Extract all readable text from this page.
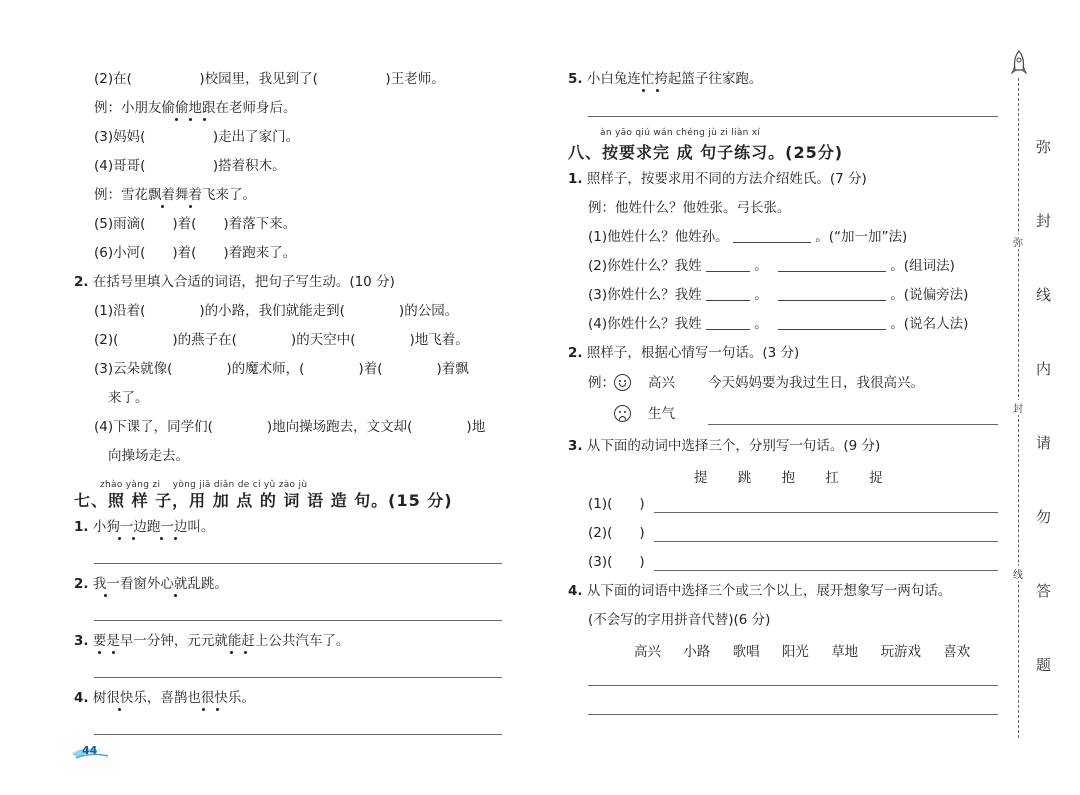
(2)在(　　　　　)校园里，我见到了(　　　　　)王老师。
例：小朋友偷偷地跟在老师身后。
(3)妈妈(　　　　　)走出了家门。
(4)哥哥(　　　　　)搭着积木。
例：雪花飘着舞着飞来了。
(5)雨滴(　　)着(　　)着落下来。
(6)小河(　　)着(　　)着跑来了。
2. 在括号里填入合适的词语，把句子写生动。(10 分)
(1)沿着(　　　　)的小路，我们就能走到(　　　　)的公园。
(2)(　　　　)的燕子在(　　　　)的天空中(　　　　)地飞着。
(3)云朵就像(　　　　)的魔术师，(　　　　)着(　　　　)着飘
来了。
(4)下课了，同学们(　　　　)地向操场跑去，文文却(　　　　)地
向操场走去。
zhào yàng zi　 yòng jiā diǎn de cí yǔ zào jù
七、照 样 子，用 加 点 的 词 语 造 句。(15 分)
1. 小狗一边跑一边叫。
2. 我一看窗外心就乱跳。
3. 要是早一分钟，元元就能赶上公共汽车了。
4. 树很快乐，喜鹊也很快乐。
44
5. 小白兔连忙挎起篮子往家跑。
àn yāo qiú wán chéng jù zi liàn xí
八、按要求完 成 句子练习。(25分)
1. 照样子，按要求用不同的方法介绍姓氏。(7 分)
例：他姓什么？他姓张。弓长张。
(1)他姓什么？他姓孙。	。(“加一加”法)
(2)你姓什么？我姓	。	。(组词法)
(3)你姓什么？我姓	。	。(说偏旁法)
(4)你姓什么？我姓	。	。(说名人法)
2. 照样子，根据心情写一句话。(3 分)
例： 高兴 今天妈妈要为我过生日，我很高兴。
生气
3. 从下面的动词中选择三个，分别写一句话。(9 分)
提 跳 抱 扛 捉
(1)(　　)
(2)(　　)
(3)(　　)
4. 从下面的词语中选择三个或三个以上，展开想象写一两句话。
(不会写的字用拼音代替)(6 分)
高兴 小路 歌唱 阳光 草地 玩游戏 喜欢
弥
封
线
内
请
勿
答
题
弥
封
线
